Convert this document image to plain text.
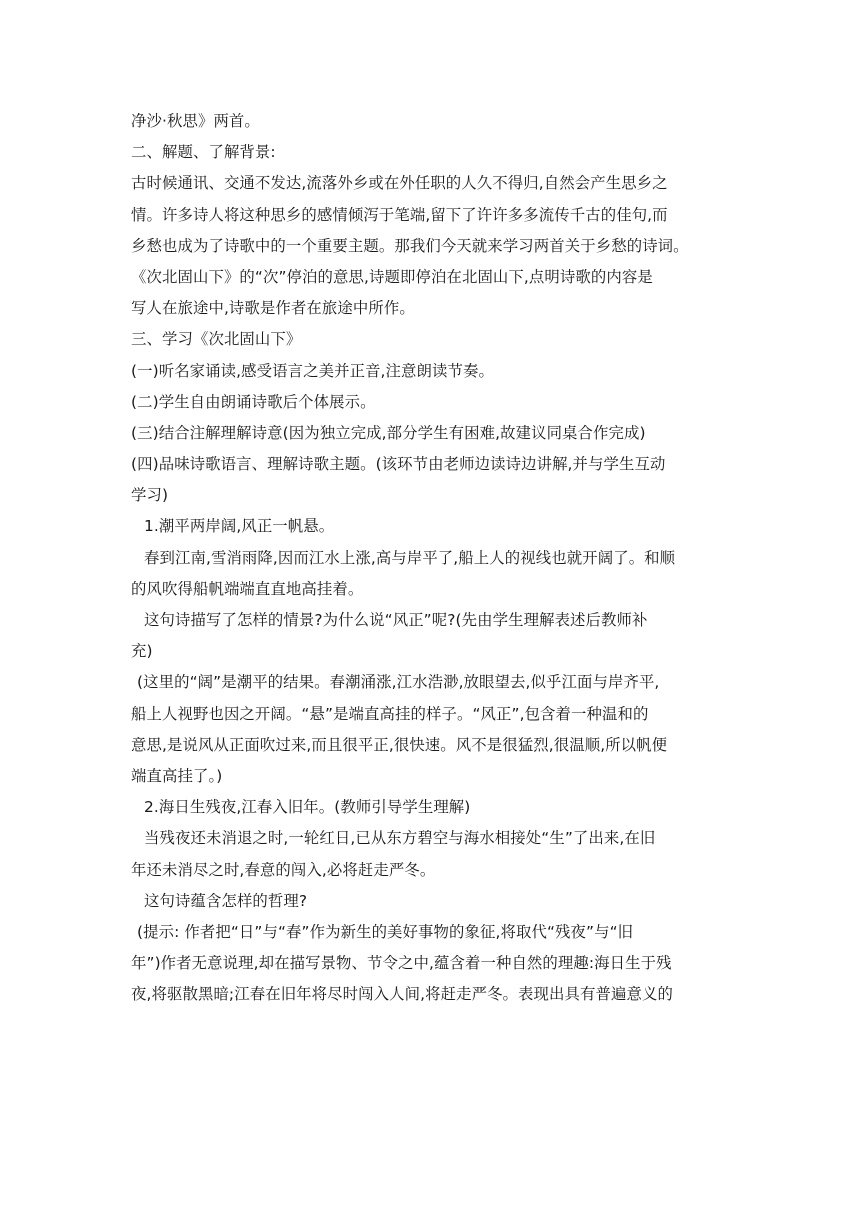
净沙·秋思》两首。

二、解题、了解背景:

古时候通讯、交通不发达,流落外乡或在外任职的人久不得归,自然会产生思乡之

情。许多诗人将这种思乡的感情倾泻于笔端,留下了许许多多流传千古的佳句,而

乡愁也成为了诗歌中的一个重要主题。那我们今天就来学习两首关于乡愁的诗词。

《次北固山下》的“次”停泊的意思,诗题即停泊在北固山下,点明诗歌的内容是

写人在旅途中,诗歌是作者在旅途中所作。

三、学习《次北固山下》

(一)听名家诵读,感受语言之美并正音,注意朗读节奏。

(二)学生自由朗诵诗歌后个体展示。

(三)结合注解理解诗意(因为独立完成,部分学生有困难,故建议同桌合作完成)

(四)品味诗歌语言、理解诗歌主题。(该环节由老师边读诗边讲解,并与学生互动

学习)

1.潮平两岸阔,风正一帆悬。

春到江南,雪消雨降,因而江水上涨,高与岸平了,船上人的视线也就开阔了。和顺

的风吹得船帆端端直直地高挂着。

这句诗描写了怎样的情景?为什么说“风正”呢?(先由学生理解表述后教师补

充)

(这里的“阔”是潮平的结果。春潮涌涨,江水浩渺,放眼望去,似乎江面与岸齐平,

船上人视野也因之开阔。“悬”是端直高挂的样子。“风正”,包含着一种温和的

意思,是说风从正面吹过来,而且很平正,很快速。风不是很猛烈,很温顺,所以帆便

端直高挂了。)

2.海日生残夜,江春入旧年。(教师引导学生理解)

当残夜还未消退之时,一轮红日,已从东方碧空与海水相接处“生”了出来,在旧

年还未消尽之时,春意的闯入,必将赶走严冬。

这句诗蕴含怎样的哲理?

(提示: 作者把“日”与“春”作为新生的美好事物的象征,将取代“残夜”与“旧

年”)作者无意说理,却在描写景物、节令之中,蕴含着一种自然的理趣:海日生于残

夜,将驱散黑暗;江春在旧年将尽时闯入人间,将赶走严冬。表现出具有普遍意义的
